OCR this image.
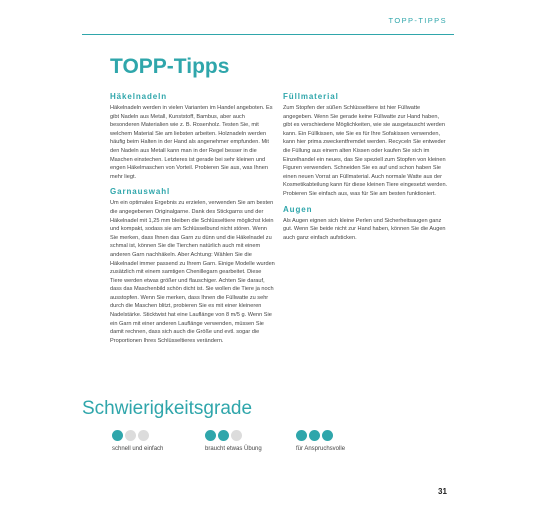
TOPP-TIPPS
TOPP-Tipps
Häkelnadeln

Häkelnadeln werden in vielen Varianten im Handel angeboten. Es gibt Nadeln aus Metall, Kunststoff, Bambus, aber auch besonderen Materialien wie z. B. Rosenholz. Testen Sie, mit welchem Material Sie am liebsten arbeiten. Holznadeln werden häufig beim Halten in der Hand als angenehmer empfunden. Mit den Nadeln aus Metall kann man in der Regel besser in die Maschen einstechen. Letzteres ist gerade bei sehr kleinen und engen Häkelmaschen von Vorteil. Probieren Sie aus, was Ihnen mehr liegt.

Garnauswahl

Um ein optimales Ergebnis zu erzielen, verwenden Sie am besten die angegebenen Originalgarne. Dank des Stickgarns und der Häkelnadel mit 1,25 mm bleiben die Schlüsseltiere möglichst klein und kompakt, sodass sie am Schlüsselbund nicht stören. Wenn Sie merken, dass Ihnen das Garn zu dünn und die Häkelnadel zu schmal ist, können Sie die Tierchen natürlich auch mit einem anderen Garn nachhäkeln. Aber Achtung: Wählen Sie die Häkelnadel immer passend zu Ihrem Garn. Einige Modelle wurden zusätzlich mit einem samtigen Chenillegarn gearbeitet. Diese Tiere werden etwas größer und flauschiger. Achten Sie darauf, dass das Maschenbild schön dicht ist. Sie wollen die Tiere ja noch ausstopfen. Wenn Sie merken, dass Ihnen die Füllwatte zu sehr durch die Maschen blitzt, probieren Sie es mit einer kleineren Nadelstärke. Sticktwist hat eine Lauflänge von 8 m/5 g. Wenn Sie ein Garn mit einer anderen Lauflänge verwenden, müssen Sie damit rechnen, dass sich auch die Größe und evtl. sogar die Proportionen Ihres Schlüsseltieres verändern.

Füllmaterial

Zum Stopfen der süßen Schlüsseltiere ist hier Füllwatte angegeben. Wenn Sie gerade keine Füllwatte zur Hand haben, gibt es verschiedene Möglichkeiten, wie sie ausgetauscht werden kann. Ein Füllkissen, wie Sie es für Ihre Sofakissen verwenden, kann hier prima zweckentfremdet werden. Recyceln Sie entweder die Füllung aus einem alten Kissen oder kaufen Sie sich im Einzelhandel ein neues, das Sie speziell zum Stopfen von kleinen Figuren verwenden. Schneiden Sie es auf und schon haben Sie einen neuen Vorrat an Füllmaterial. Auch normale Watte aus der Kosmetikabteilung kann für diese kleinen Tiere eingesetzt werden. Probieren Sie einfach aus, was für Sie am besten funktioniert.

Augen

Als Augen eignen sich kleine Perlen und Sicherheitsaugen ganz gut. Wenn Sie beide nicht zur Hand haben, können Sie die Augen auch ganz einfach aufsticken.

Schwierigkeitsgrade
schnell und einfach	braucht etwas Übung	für Anspruchsvolle
31
